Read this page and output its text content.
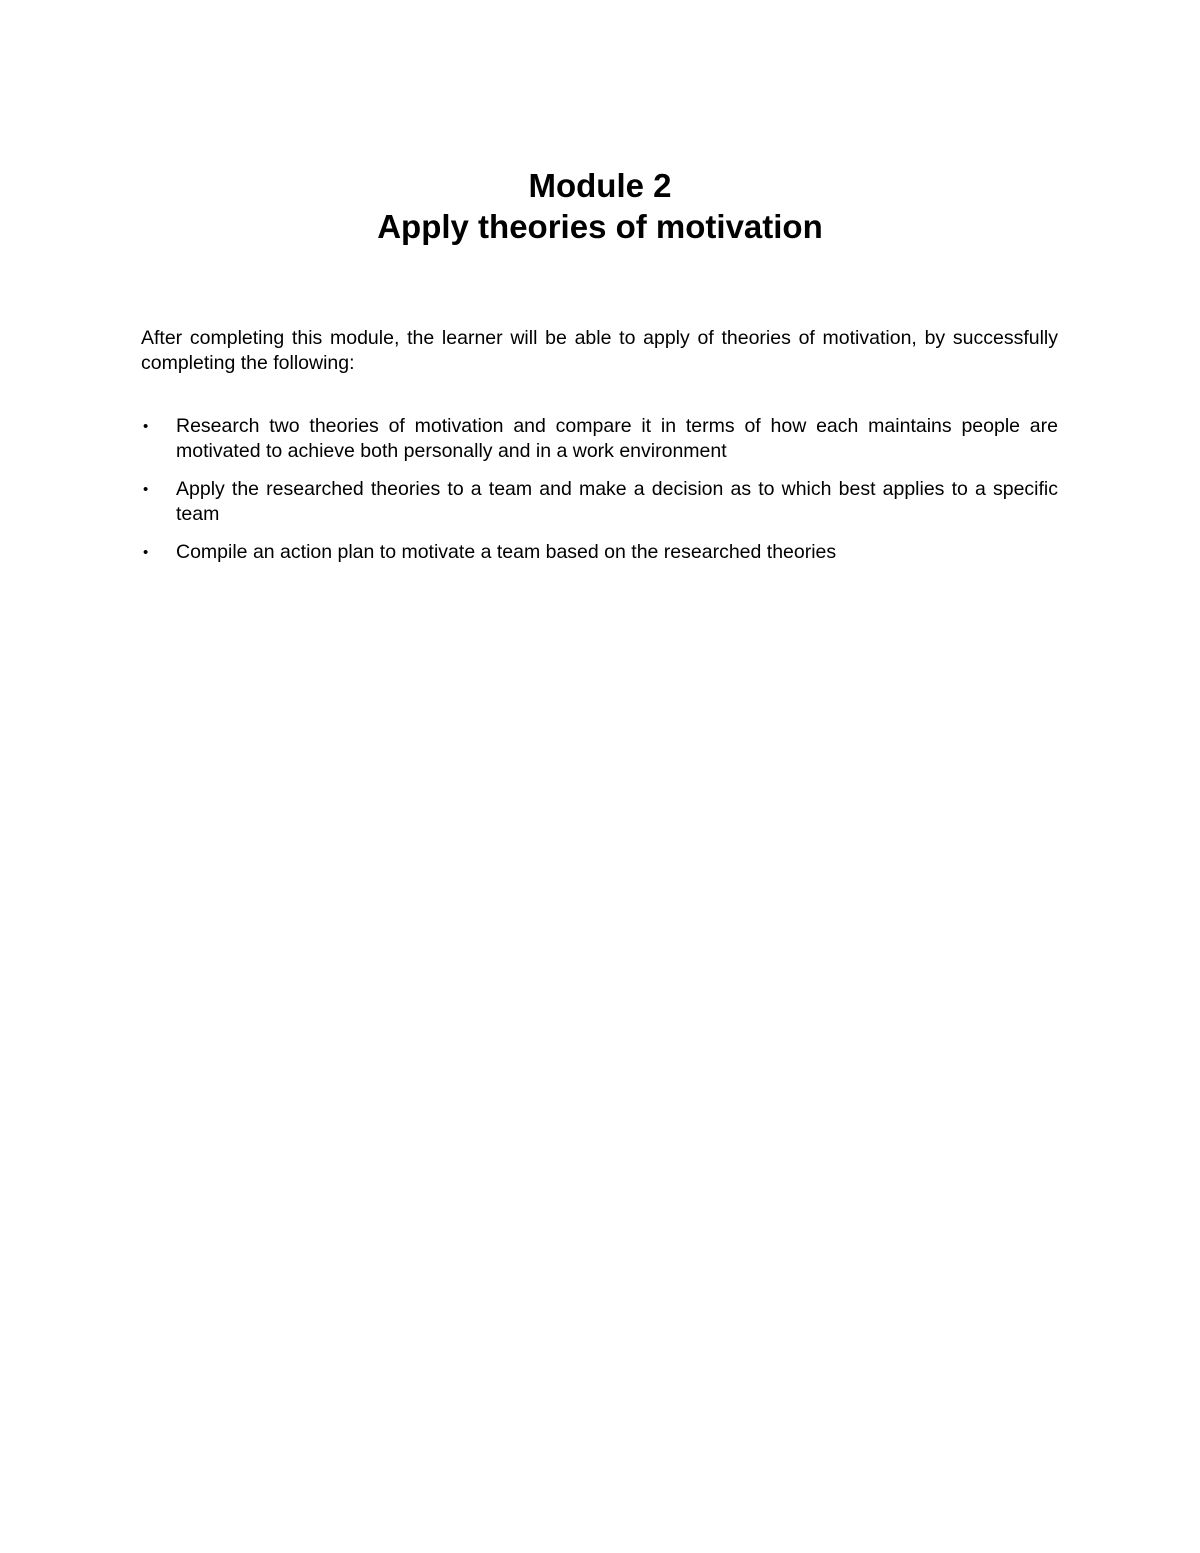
Module 2
Apply theories of motivation

After completing this module, the learner will be able to apply of theories of motivation, by successfully completing the following:

•	Research two theories of motivation and compare it in terms of how each maintains people are motivated to achieve both personally and in a work environment
•	Apply the researched theories to a team and make a decision as to which best applies to a specific team
•	Compile an action plan to motivate a team based on the researched theories
